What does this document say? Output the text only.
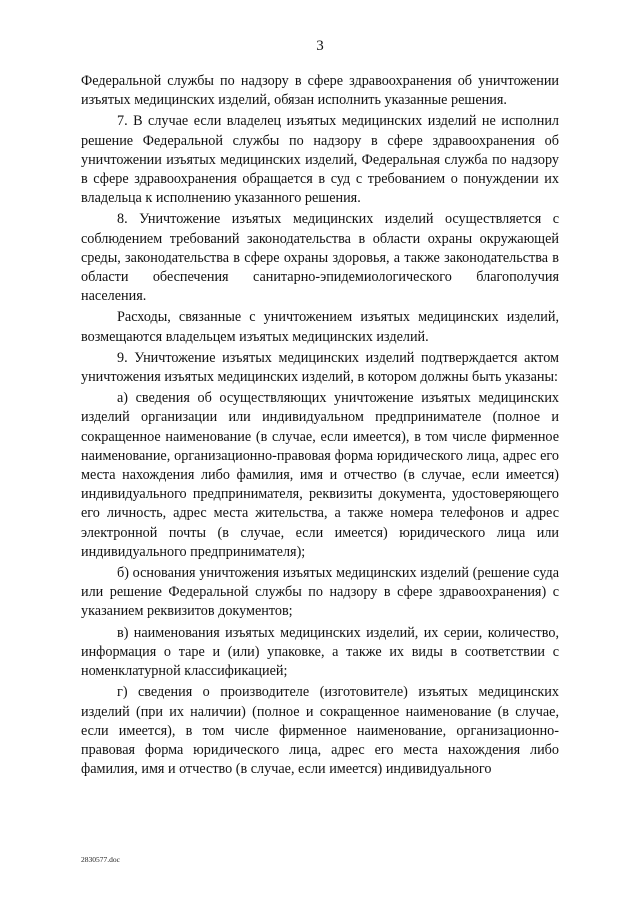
3

Федеральной службы по надзору в сфере здравоохранения об уничтожении изъятых медицинских изделий, обязан исполнить указанные решения.

7. В случае если владелец изъятых медицинских изделий не исполнил решение Федеральной службы по надзору в сфере здравоохранения об уничтожении изъятых медицинских изделий, Федеральная служба по надзору в сфере здравоохранения обращается в суд с требованием о понуждении их владельца к исполнению указанного решения.

8. Уничтожение изъятых медицинских изделий осуществляется с соблюдением требований законодательства в области охраны окружающей среды, законодательства в сфере охраны здоровья, а также законодательства в области обеспечения санитарно-эпидемиологического благополучия населения.

Расходы, связанные с уничтожением изъятых медицинских изделий, возмещаются владельцем изъятых медицинских изделий.

9. Уничтожение изъятых медицинских изделий подтверждается актом уничтожения изъятых медицинских изделий, в котором должны быть указаны:

а) сведения об осуществляющих уничтожение изъятых медицинских изделий организации или индивидуальном предпринимателе (полное и сокращенное наименование (в случае, если имеется), в том числе фирменное наименование, организационно-правовая форма юридического лица, адрес его места нахождения либо фамилия, имя и отчество (в случае, если имеется) индивидуального предпринимателя, реквизиты документа, удостоверяющего его личность, адрес места жительства, а также номера телефонов и адрес электронной почты (в случае, если имеется) юридического лица или индивидуального предпринимателя);

б) основания уничтожения изъятых медицинских изделий (решение суда или решение Федеральной службы по надзору в сфере здравоохранения) с указанием реквизитов документов;

в) наименования изъятых медицинских изделий, их серии, количество, информация о таре и (или) упаковке, а также их виды в соответствии с номенклатурной классификацией;

г) сведения о производителе (изготовителе) изъятых медицинских изделий (при их наличии) (полное и сокращенное наименование (в случае, если имеется), в том числе фирменное наименование, организационно-правовая форма юридического лица, адрес его места нахождения либо фамилия, имя и отчество (в случае, если имеется) индивидуального

2830577.doc
